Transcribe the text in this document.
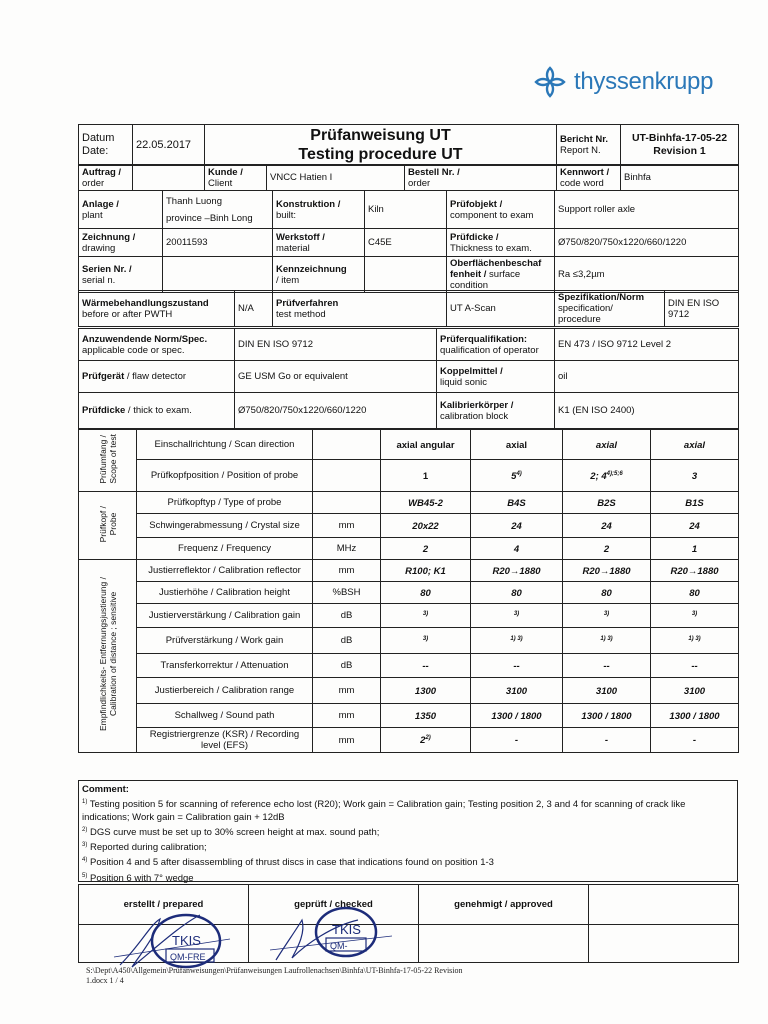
thyssenkrupp
Datum
Date:	22.05.2017	
Prüfanweisung UT
Testing procedure UT
	Bericht Nr.
Report N.	UT-Binhfa-17-05-22
Revision 1
Auftrag /
order		Kunde /
Client	VNCC Hatien I	Bestell Nr. /
order	Kennwort /
code word	Binhfa
Anlage /
plant	Thanh Luong
province –Binh Long	Konstruktion /
built:	Kiln	Prüfobjekt /
component to exam	Support roller axle
Zeichnung /
drawing	20011593	Werkstoff /
material	C45E	Prüfdicke /
Thickness to exam.	Ø750/820/750x1220/660/1220
Serien Nr. /
serial n.		Kennzeichnung
/ item		Oberflächenbeschaf
fenheit / surface
condition	Ra ≤3,2µm
Wärmebehandlungszustand
before or after PWTH	N/A	Prüfverfahren
test method	UT A-Scan	Spezifikation/Norm
specification/
procedure	DIN EN ISO 9712
Anzuwendende Norm/Spec.
applicable code or spec.	DIN EN ISO 9712	Prüferqualifikation:
qualification of operator	EN 473 / ISO 9712 Level 2
Prüfgerät / flaw detector	GE USM Go or equivalent	Koppelmittel /
liquid sonic	oil
Prüfdicke / thick to exam.	Ø750/820/750x1220/660/1220	Kalibrierkörper /
calibration block	K1 (EN ISO 2400)
Prüfumfang /
Scope of test	Einschallrichtung / Scan direction		axial angular	axial	axial	axial
	Prüfkopfposition / Position of probe		1	5$^{4)}$	2; $4^{4);5;6}$	3
Prüfkopf /
Probe	Prüfkopftyp / Type of probe		WB45-2	B4S	B2S	B1S
	Schwingerabmessung / Crystal size	mm	20x22	24	24	24
	Frequenz / Frequency	MHz	2	4	2	1
Empfindlichkeits- Entfernungsjustierung /
Calibration of distance ; sensitive	Justierreflektor / Calibration reflector	mm	R100; K1	R20→1880	R20→1880	R20→1880
	Justierhöhe / Calibration height	%BSH	80	80	80	80
	Justierverstärkung / Calibration gain	dB	$^{3)}$	$^{3)}$	$^{3)}$	$^{3)}$
	Prüfverstärkung / Work gain	dB	$^{3)}$	$^{1) 3)}$	$^{1) 3)}$	$^{1) 3)}$
	Transferkorrektur / Attenuation	dB	--	--	--	--
	Justierbereich / Calibration range	mm	1300	3100	3100	3100
	Schallweg / Sound path	mm	1350	1300 / 1800	1300 / 1800	1300 / 1800
	Registriergrenze (KSR) / Recording level (EFS)	mm	2$^{2)}$	-	-	-
Comment:
$^{1)}$ Testing position 5 for scanning of reference echo lost (R20); Work gain = Calibration gain; Testing position 2, 3 and 4 for scanning of crack like indications; Work gain = Calibration gain + 12dB
$^{2)}$ DGS curve must be set up to 30% screen height at max. sound path;
$^{3)}$ Reported during calibration;
$^{4)}$ Position 4 and 5 after disassembling of thrust discs in case that indications found on position 1-3
$^{5)}$ Position 6 with 7° wedge
erstellt / prepared	geprüft / checked	genehmigt / approved	

TKIS
QM-FRE
TKIS
QM-
S:\Dept\A450\Allgemein\Prüfanweisungen\Prüfanweisungen Laufrollenachsen\Binhfa\UT-Binhfa-17-05-22 Revision
1.docx 1 / 4
